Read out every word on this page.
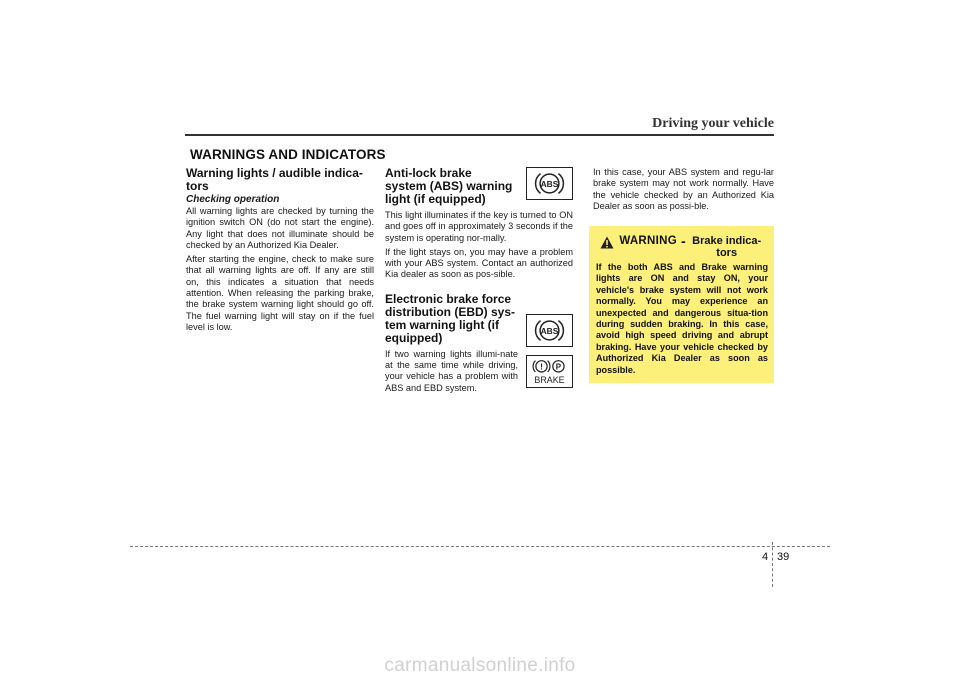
Driving your vehicle
WARNINGS AND INDICATORS
Warning lights / audible indica-tors
Checking operation

All warning lights are checked by turning the ignition switch ON (do not start the engine). Any light that does not illuminate should be checked by an Authorized Kia Dealer.

After starting the engine, check to make sure that all warning lights are off. If any are still on, this indicates a situation that needs attention. When releasing the parking brake, the brake system warning light should go off. The fuel warning light will stay on if the fuel level is low.

Anti-lock brake system (ABS) warning light (if equipped)

This light illuminates if the key is turned to ON and goes off in approximately 3 seconds if the system is operating nor-mally.

If the light stays on, you may have a problem with your ABS system. Contact an authorized Kia dealer as soon as pos-sible.

Electronic brake force distribution (EBD) sys-tem warning light (if equipped)

If two warning lights illumi-nate at the same time while driving, your vehicle has a problem with ABS and EBD system.

ABS
ABS
! P
BRAKE

In this case, your ABS system and regu-lar brake system may not work normally. Have the vehicle checked by an Authorized Kia Dealer as soon as possi-ble.

WARNING - Brake indica-tors

If the both ABS and Brake warning lights are ON and stay ON, your vehicle's brake system will not work normally. You may experience an unexpected and dangerous situa-tion during sudden braking. In this case, avoid high speed driving and abrupt braking. Have your vehicle checked by Authorized Kia Dealer as soon as possible.

4 39
carmanualsonline.info
